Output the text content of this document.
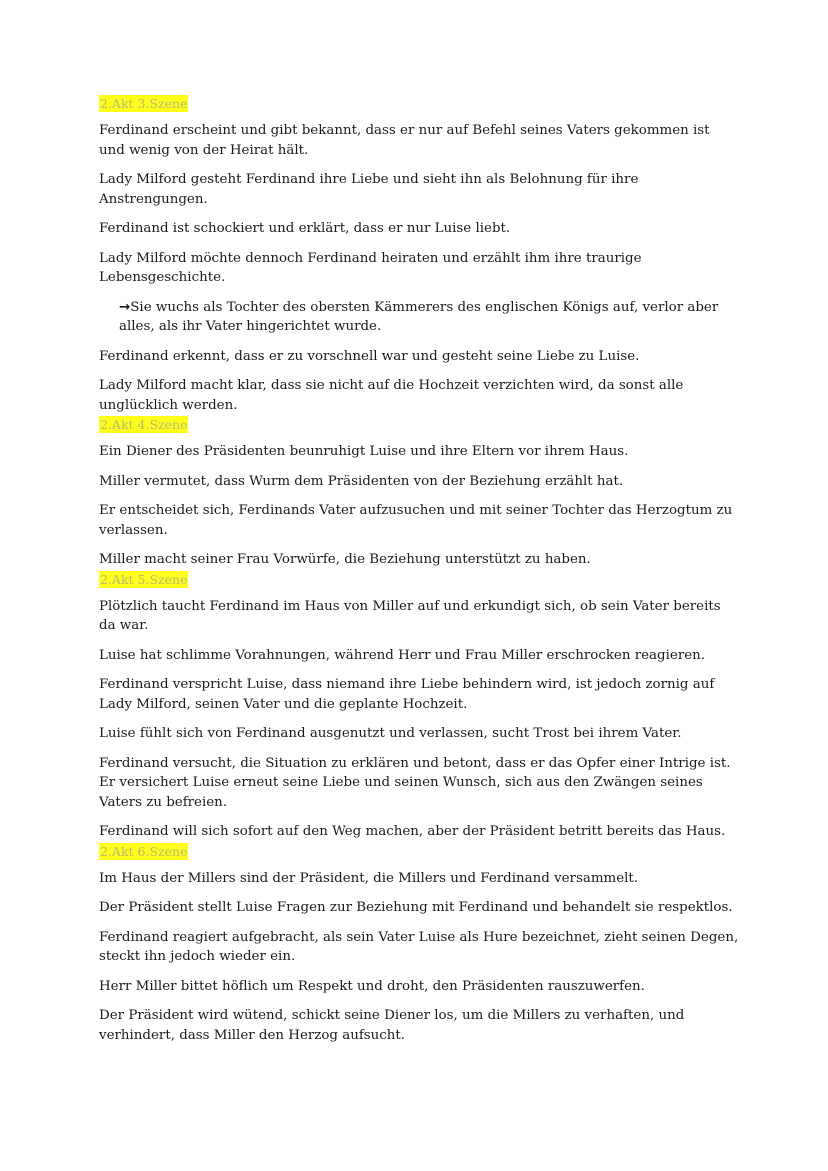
2.Akt 3.Szene

Ferdinand erscheint und gibt bekannt, dass er nur auf Befehl seines Vaters gekommen ist und wenig von der Heirat hält.

Lady Milford gesteht Ferdinand ihre Liebe und sieht ihn als Belohnung für ihre Anstrengungen.

Ferdinand ist schockiert und erklärt, dass er nur Luise liebt.

Lady Milford möchte dennoch Ferdinand heiraten und erzählt ihm ihre traurige Lebensgeschichte.

→Sie wuchs als Tochter des obersten Kämmerers des englischen Königs auf, verlor aber alles, als ihr Vater hingerichtet wurde.

Ferdinand erkennt, dass er zu vorschnell war und gesteht seine Liebe zu Luise.

Lady Milford macht klar, dass sie nicht auf die Hochzeit verzichten wird, da sonst alle unglücklich werden.

2.Akt 4.Szene

Ein Diener des Präsidenten beunruhigt Luise und ihre Eltern vor ihrem Haus.

Miller vermutet, dass Wurm dem Präsidenten von der Beziehung erzählt hat.

Er entscheidet sich, Ferdinands Vater aufzusuchen und mit seiner Tochter das Herzogtum zu verlassen.

Miller macht seiner Frau Vorwürfe, die Beziehung unterstützt zu haben.

2.Akt 5.Szene

Plötzlich taucht Ferdinand im Haus von Miller auf und erkundigt sich, ob sein Vater bereits da war.

Luise hat schlimme Vorahnungen, während Herr und Frau Miller erschrocken reagieren.

Ferdinand verspricht Luise, dass niemand ihre Liebe behindern wird, ist jedoch zornig auf Lady Milford, seinen Vater und die geplante Hochzeit.

Luise fühlt sich von Ferdinand ausgenutzt und verlassen, sucht Trost bei ihrem Vater.

Ferdinand versucht, die Situation zu erklären und betont, dass er das Opfer einer Intrige ist. Er versichert Luise erneut seine Liebe und seinen Wunsch, sich aus den Zwängen seines Vaters zu befreien.

Ferdinand will sich sofort auf den Weg machen, aber der Präsident betritt bereits das Haus.

2.Akt 6.Szene

Im Haus der Millers sind der Präsident, die Millers und Ferdinand versammelt.

Der Präsident stellt Luise Fragen zur Beziehung mit Ferdinand und behandelt sie respektlos.

Ferdinand reagiert aufgebracht, als sein Vater Luise als Hure bezeichnet, zieht seinen Degen, steckt ihn jedoch wieder ein.

Herr Miller bittet höflich um Respekt und droht, den Präsidenten rauszuwerfen.

Der Präsident wird wütend, schickt seine Diener los, um die Millers zu verhaften, und verhindert, dass Miller den Herzog aufsucht.
